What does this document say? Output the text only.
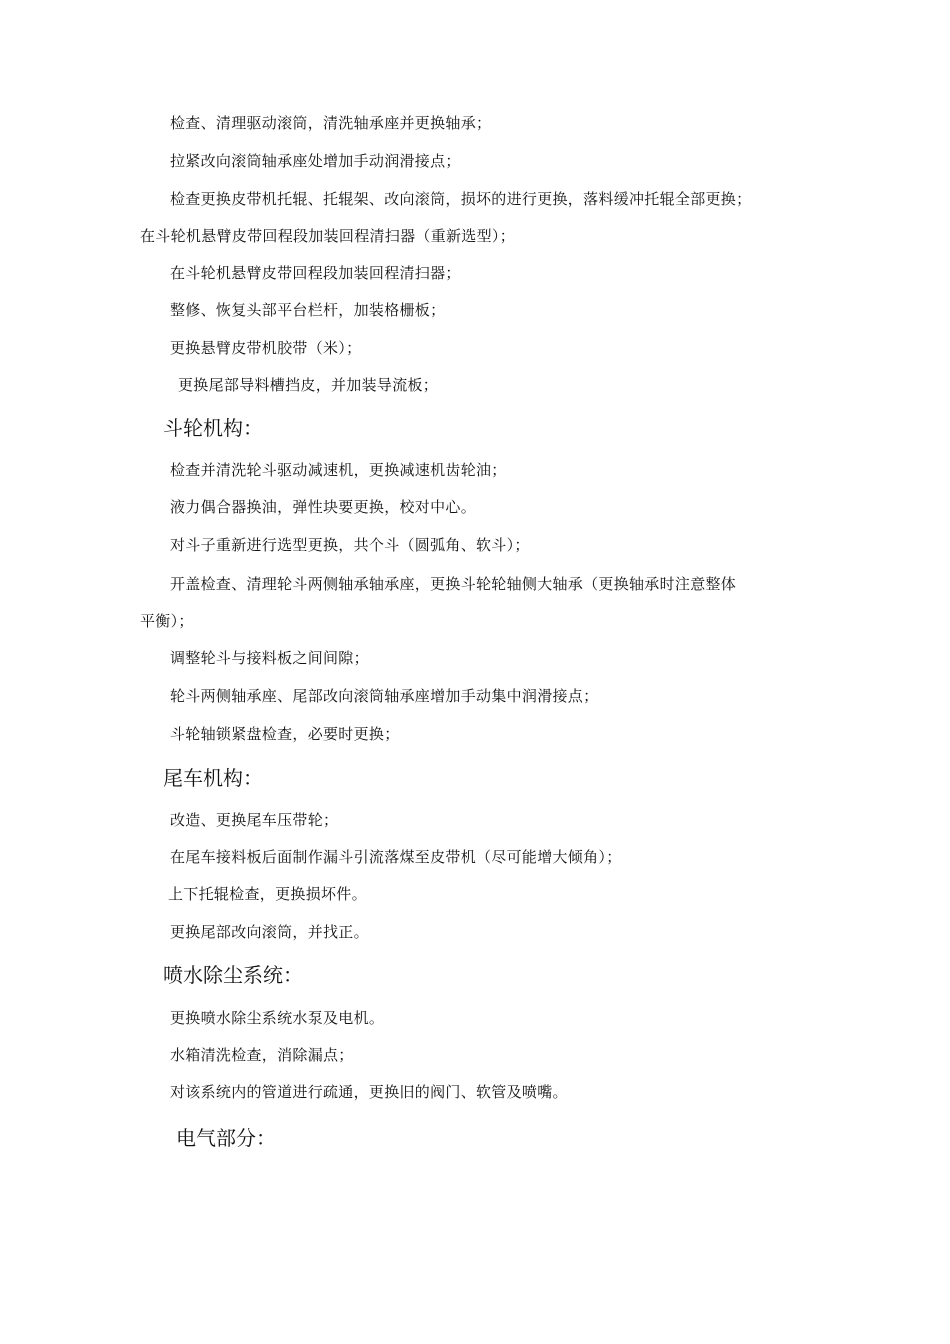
检查、清理驱动滚筒，清洗轴承座并更换轴承；
拉紧改向滚筒轴承座处增加手动润滑接点；
检查更换皮带机托辊、托辊架、改向滚筒，损坏的进行更换，落料缓冲托辊全部更换；
在斗轮机悬臂皮带回程段加装回程清扫器（重新选型）；
在斗轮机悬臂皮带回程段加装回程清扫器；
整修、恢复头部平台栏杆，加装格栅板；
更换悬臂皮带机胶带（米）；
更换尾部导料槽挡皮，并加装导流板；
斗轮机构：
检查并清洗轮斗驱动减速机，更换减速机齿轮油；
液力偶合器换油，弹性块要更换，校对中心。
对斗子重新进行选型更换，共个斗（圆弧角、软斗）；
开盖检查、清理轮斗两侧轴承轴承座，更换斗轮轮轴侧大轴承（更换轴承时注意整体
平衡）；
调整轮斗与接料板之间间隙；
轮斗两侧轴承座、尾部改向滚筒轴承座增加手动集中润滑接点；
斗轮轴锁紧盘检查，必要时更换；
尾车机构：
改造、更换尾车压带轮；
在尾车接料板后面制作漏斗引流落煤至皮带机（尽可能增大倾角）；
上下托辊检查，更换损坏件。
更换尾部改向滚筒，并找正。
喷水除尘系统：
更换喷水除尘系统水泵及电机。
水箱清洗检查，消除漏点；
对该系统内的管道进行疏通，更换旧的阀门、软管及喷嘴。
电气部分：
